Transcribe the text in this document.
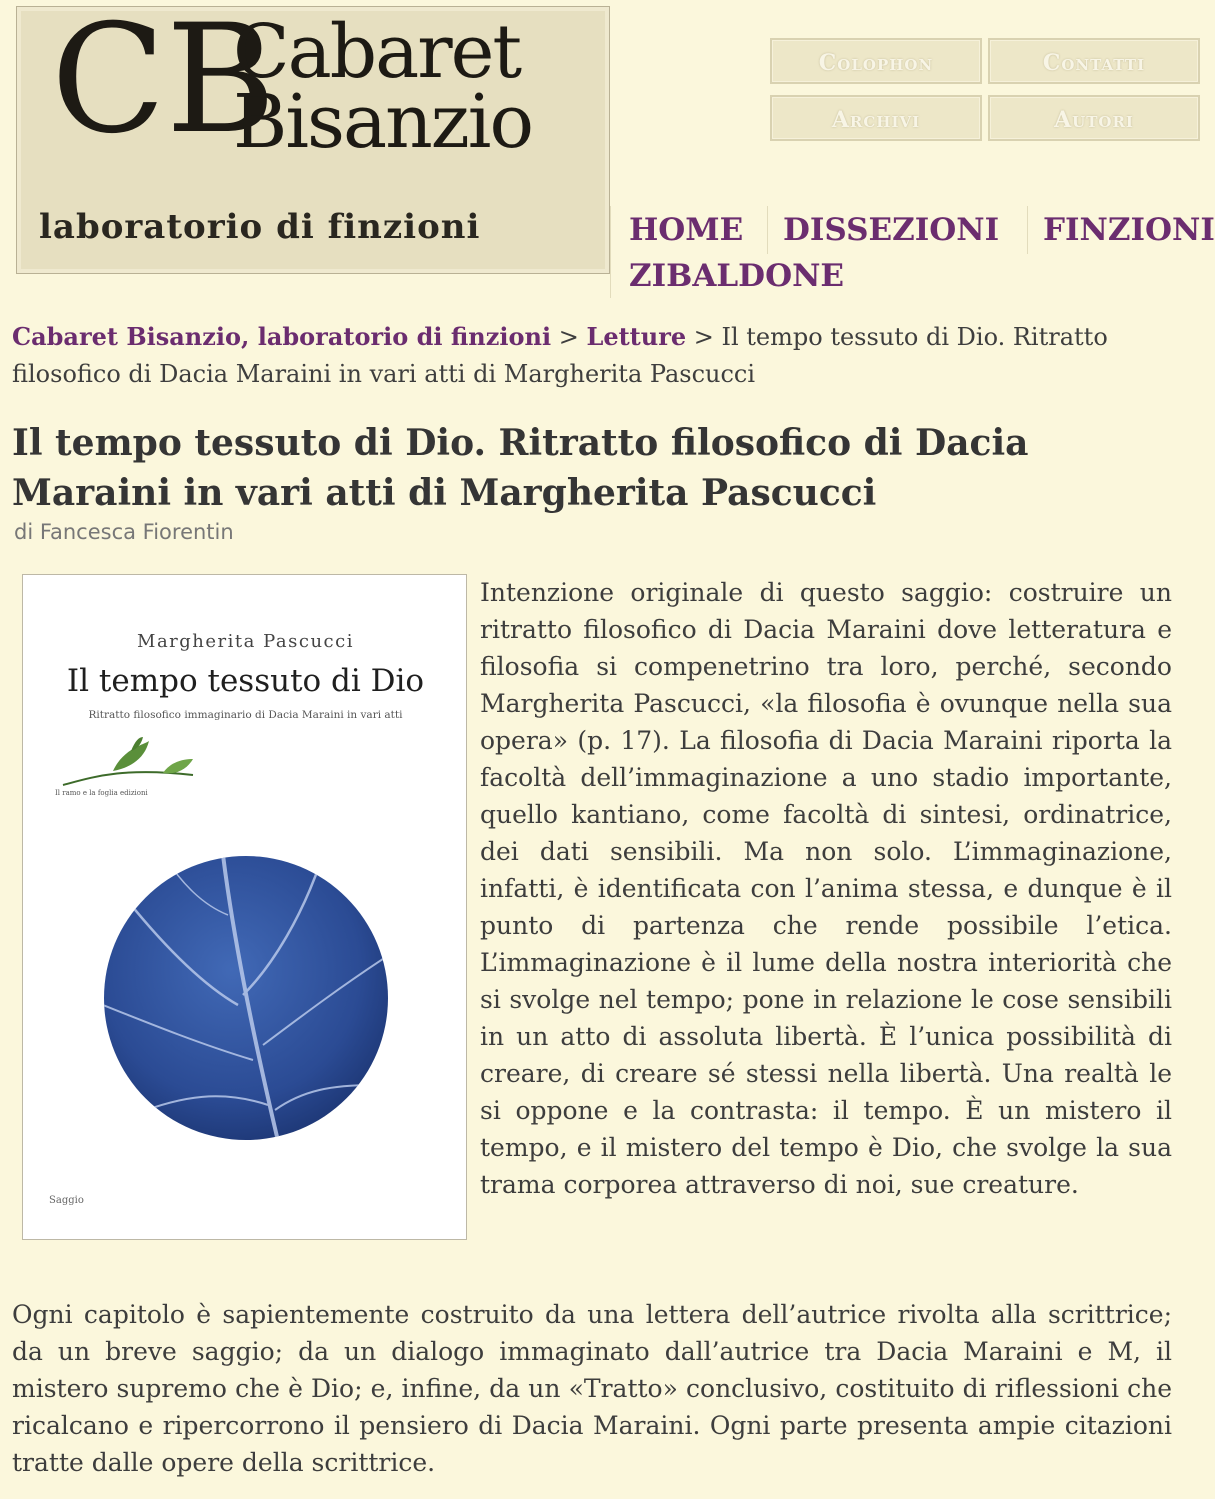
CB
Cabaret
Bisanzio
laboratorio di finzioni
Colophon	Contatti
Archivi	Autori
HOME DISSEZIONI FINZIONI
ZIBALDONE
Cabaret Bisanzio, laboratorio di finzioni > Letture > Il tempo tessuto di Dio. Ritratto filosofico di Dacia Maraini in vari atti di Margherita Pascucci
Il tempo tessuto di Dio. Ritratto filosofico di Dacia Maraini in vari atti di Margherita Pascucci
di Fancesca Fiorentin
Margherita Pascucci
Il tempo tessuto di Dio
Ritratto filosofico immaginario di Dacia Maraini in vari atti
Il ramo e la foglia edizioni
Saggio

Intenzione originale di questo saggio: costruire un ritratto filosofico di Dacia Maraini dove letteratura e filosofia si compenetrino tra loro, perché, secondo Margherita Pascucci, «la filosofia è ovunque nella sua opera» (p. 17). La filosofia di Dacia Maraini riporta la facoltà dell’immaginazione a uno stadio importante, quello kantiano, come facoltà di sintesi, ordinatrice, dei dati sensibili. Ma non solo. L’immaginazione, infatti, è identificata con l’anima stessa, e dunque è il punto di partenza che rende possibile l’etica. L’immaginazione è il lume della nostra interiorità che si svolge nel tempo; pone in relazione le cose sensibili in un atto di assoluta libertà. È l’unica possibilità di creare, di creare sé stessi nella libertà. Una realtà le si oppone e la contrasta: il tempo. È un mistero il tempo, e il mistero del tempo è Dio, che svolge la sua trama corporea attraverso di noi, sue creature.

Ogni capitolo è sapientemente costruito da una lettera dell’autrice rivolta alla scrittrice; da un breve saggio; da un dialogo immaginato dall’autrice tra Dacia Maraini e M, il mistero supremo che è Dio; e, infine, da un «Tratto» conclusivo, costituito di riflessioni che ricalcano e ripercorrono il pensiero di Dacia Maraini. Ogni parte presenta ampie citazioni tratte dalle opere della scrittrice.
